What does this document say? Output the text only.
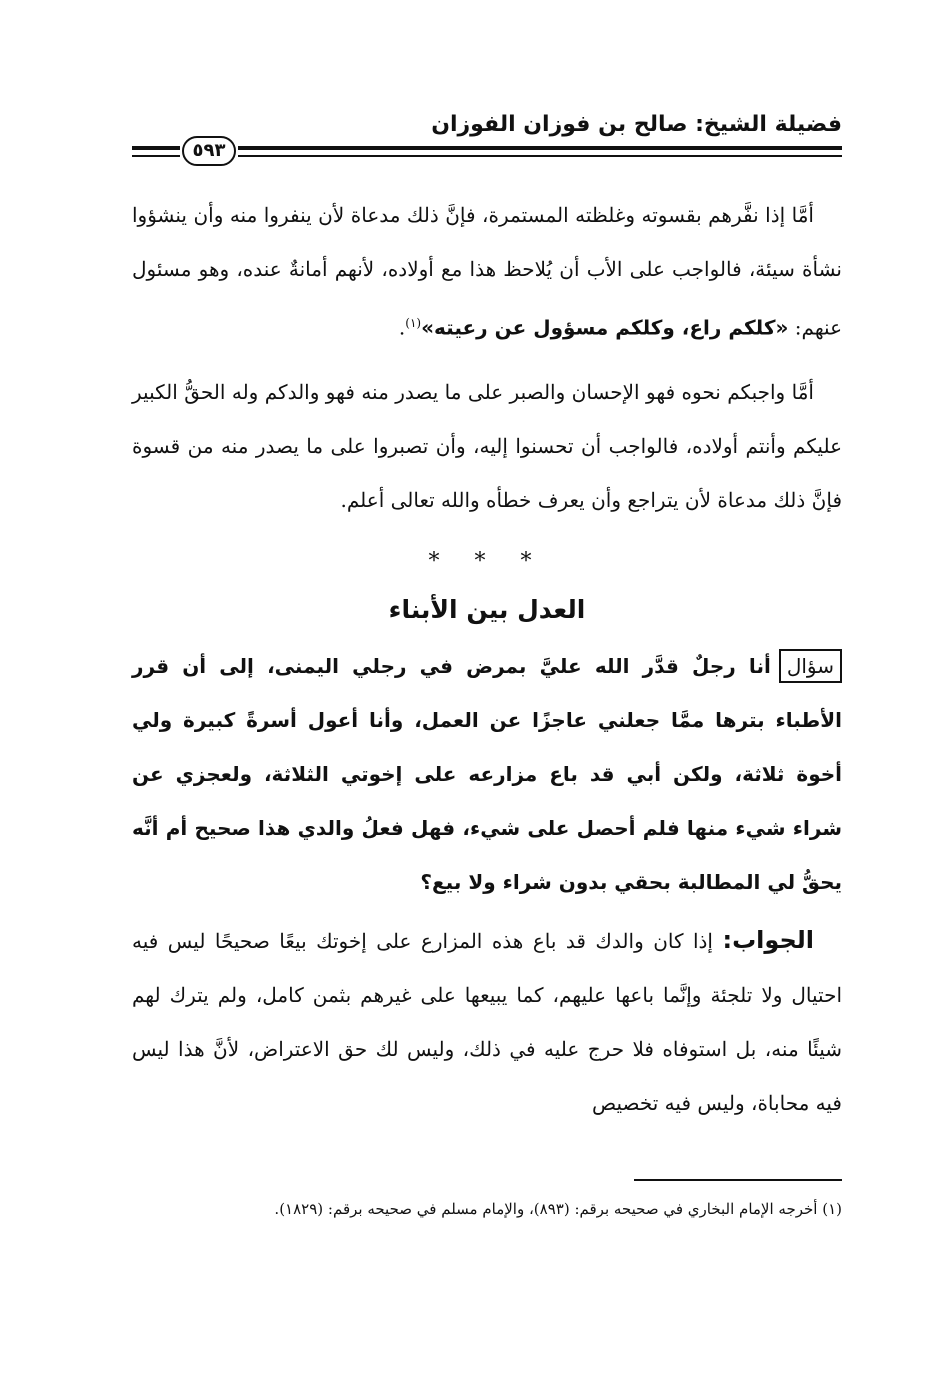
فضيلة الشيخ: صالح بن فوزان الفوزان
٥٩٣

أمَّا إذا نفَّرهم بقسوته وغلظته المستمرة، فإنَّ ذلك مدعاة لأن ينفروا منه وأن ينشؤوا نشأة سيئة، فالواجب على الأب أن يُلاحظ هذا مع أولاده، لأنهم أمانةٌ عنده، وهو مسئول عنهم: «كلكم راع، وكلكم مسؤول عن رعيته»$^{(١)}$.

أمَّا واجبكم نحوه فهو الإحسان والصبر على ما يصدر منه فهو والدكم وله الحقُّ الكبير عليكم وأنتم أولاده، فالواجب أن تحسنوا إليه، وأن تصبروا على ما يصدر منه من قسوة فإنَّ ذلك مدعاة لأن يتراجع وأن يعرف خطأه والله تعالى أعلم.

* * *
العدل بين الأبناء

سؤالأنا رجلٌ قدَّر الله عليَّ بمرض في رجلي اليمنى، إلى أن قرر الأطباء بترها ممَّا جعلني عاجزًا عن العمل، وأنا أعول أسرةً كبيرة ولي أخوة ثلاثة، ولكن أبي قد باع مزارعه على إخوتي الثلاثة، ولعجزي عن شراء شيء منها فلم أحصل على شيء، فهل فعلُ والدي هذا صحيح أم أنَّه يحقُّ لي المطالبة بحقي بدون شراء ولا بيع؟

الجواب: إذا كان والدك قد باع هذه المزارع على إخوتك بيعًا صحيحًا ليس فيه احتيال ولا تلجئة وإنَّما باعها عليهم، كما يبيعها على غيرهم بثمن كامل، ولم يترك لهم شيئًا منه، بل استوفاه فلا حرج عليه في ذلك، وليس لك حق الاعتراض، لأنَّ هذا ليس فيه محاباة، وليس فيه تخصيص

(١) أخرجه الإمام البخاري في صحيحه برقم: (٨٩٣)، والإمام مسلم في صحيحه برقم: (١٨٢٩).
